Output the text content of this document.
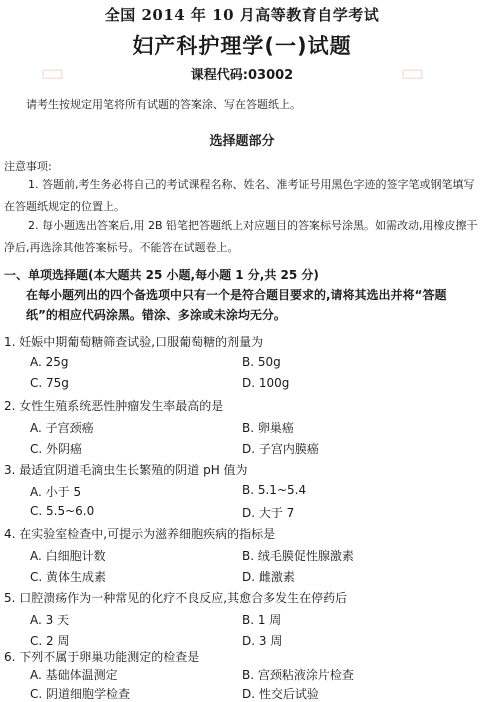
▭	▭
全国 2014 年 10 月高等教育自学考试
妇产科护理学(一)试题
课程代码:03002
请考生按规定用笔将所有试题的答案涂、写在答题纸上。
选择题部分
注意事项:
1. 答题前,考生务必将自己的考试课程名称、姓名、准考证号用黑色字迹的签字笔或钢笔填写在答题纸规定的位置上。
2. 每小题选出答案后,用 2B 铅笔把答题纸上对应题目的答案标号涂黑。如需改动,用橡皮擦干净后,再选涂其他答案标号。不能答在试题卷上。
一、单项选择题(本大题共 25 小题,每小题 1 分,共 25 分)
在每小题列出的四个备选项中只有一个是符合题目要求的,请将其选出并将“答题纸”的相应代码涂黑。错涂、多涂或未涂均无分。
1. 妊娠中期葡萄糖筛查试验,口服葡萄糖的剂量为
A. 25g	B. 50g
C. 75g	D. 100g
2. 女性生殖系统恶性肿瘤发生率最高的是
A. 子宫颈癌	B. 卵巢癌
C. 外阴癌	D. 子宫内膜癌
3. 最适宜阴道毛滴虫生长繁殖的阴道 pH 值为
A. 小于 5	B. 5.1~5.4
C. 5.5~6.0	D. 大于 7
4. 在实验室检查中,可提示为滋养细胞疾病的指标是
A. 白细胞计数	B. 绒毛膜促性腺激素
C. 黄体生成素	D. 雌激素
5. 口腔溃疡作为一种常见的化疗不良反应,其愈合多发生在停药后
A. 3 天	B. 1 周
C. 2 周	D. 3 周
6. 下列不属于卵巢功能测定的检查是
A. 基础体温测定	B. 宫颈粘液涂片检查
C. 阴道细胞学检查	D. 性交后试验
